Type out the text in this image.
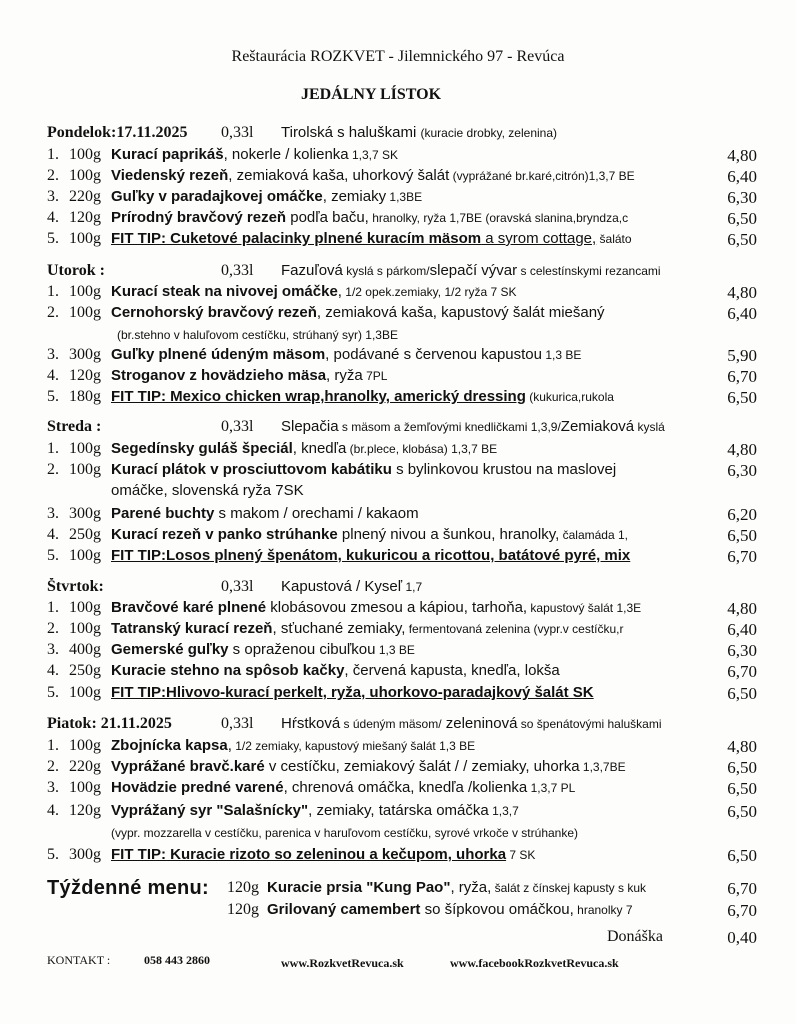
Reštaurácia ROZKVET - Jilemnického 97 - Revúca
JEDÁLNY LÍSTOK
Pondelok:17.11.2025 0,33l Tirolská s haluškami (kuracie drobky, zelenina)
1. 100g Kurací paprikáš, nokerle / kolienka 1,3,7 SK	4,80
2. 100g Viedenský rezeň, zemiaková kaša, uhorkový šalát (vyprážané br.karé,citrón)1,3,7 BE	6,40
3. 220g Guľky v paradajkovej omáčke, zemiaky 1,3BE	6,30
4. 120g Prírodný bravčový rezeň podľa baču, hranolky, ryža 1,7BE (oravská slanina,bryndza,c	6,50
5. 100g FIT TIP: Cuketové palacinky plnené kuracím mäsom a syrom cottage, šaláto	6,50
Utorok :	0,33l Fazuľová kyslá s párkom/slepačí vývar s celestínskymi rezancami
1. 100g Kurací steak na nivovej omáčke, 1/2 opek.zemiaky, 1/2 ryža 7 SK	4,80
2. 100g Cernohorský bravčový rezeň, zemiaková kaša, kapustový šalát miešaný	6,40
(br.stehno v haluľovom cestíčku, strúhaný syr) 1,3BE
3. 300g Guľky plnené údeným mäsom, podávané s červenou kapustou 1,3 BE	5,90
4. 120g Stroganov z hovädzieho mäsa, ryža 7PL	6,70
5. 180g FIT TIP: Mexico chicken wrap,hranolky, americký dressing (kukurica,rukola	6,50
Streda :	0,33l Slepačia s mäsom a žemľovými knedličkami 1,3,9/Zemiaková kyslá
1. 100g Segedínsky guláš špeciál, knedľa (br.plece, klobása) 1,3,7 BE	4,80
2. 100g Kurací plátok v prosciuttovom kabátiku s bylinkovou krustou na maslovej	6,30
omáčke, slovenská ryža 7SK
3. 300g Parené buchty s makom / orechami / kakaom	6,20
4. 250g Kurací rezeň v panko strúhanke plnený nivou a šunkou, hranolky, čalamáda 1,	6,50
5. 100g FIT TIP:Losos plnený špenátom, kukuricou a ricottou, batátové pyré, mix	6,70
Štvrtok:	0,33l Kapustová / Kyseľ 1,7
1. 100g Bravčové karé plnené klobásovou zmesou a kápiou, tarhoňa, kapustový šalát 1,3E	4,80
2. 100g Tatranský kurací rezeň, sťuchané zemiaky, fermentovaná zelenina (vypr.v cestíčku,r	6,40
3. 400g Gemerské guľky s opraženou cibuľkou 1,3 BE	6,30
4. 250g Kuracie stehno na spôsob kačky, červená kapusta, knedľa, lokša	6,70
5. 100g FIT TIP:Hlivovo-kurací perkelt, ryža, uhorkovo-paradajkový šalát SK	6,50
Piatok: 21.11.2025	0,33l Hŕstková s údeným mäsom/ zeleninová so špenátovými haluškami
1. 100g Zbojnícka kapsa, 1/2 zemiaky, kapustový miešaný šalát 1,3 BE	4,80
2. 220g Vyprážané bravč.karé v cestíčku, zemiakový šalát / / zemiaky, uhorka 1,3,7BE	6,50
3. 100g Hovädzie predné varené, chrenová omáčka, knedľa /kolienka 1,3,7 PL	6,50
4. 120g Vyprážaný syr "Salašnícky", zemiaky, tatárska omáčka 1,3,7	6,50
(vypr. mozzarella v cestíčku, parenica v haruľovom cestíčku, syrové vrkoče v strúhanke)
5. 300g FIT TIP: Kuracie rizoto so zeleninou a kečupom, uhorka 7 SK	6,50
Týždenné menu: 120g Kuracie prsia "Kung Pao", ryža, šalát z čínskej kapusty s kuk	6,70
120g Grilovaný camembert so šípkovou omáčkou, hranolky 7	6,70
Donáška	0,40
KONTAKT :	058 443 2860	www.RozkvetRevuca.sk	www.facebookRozkvetRevuca.sk
